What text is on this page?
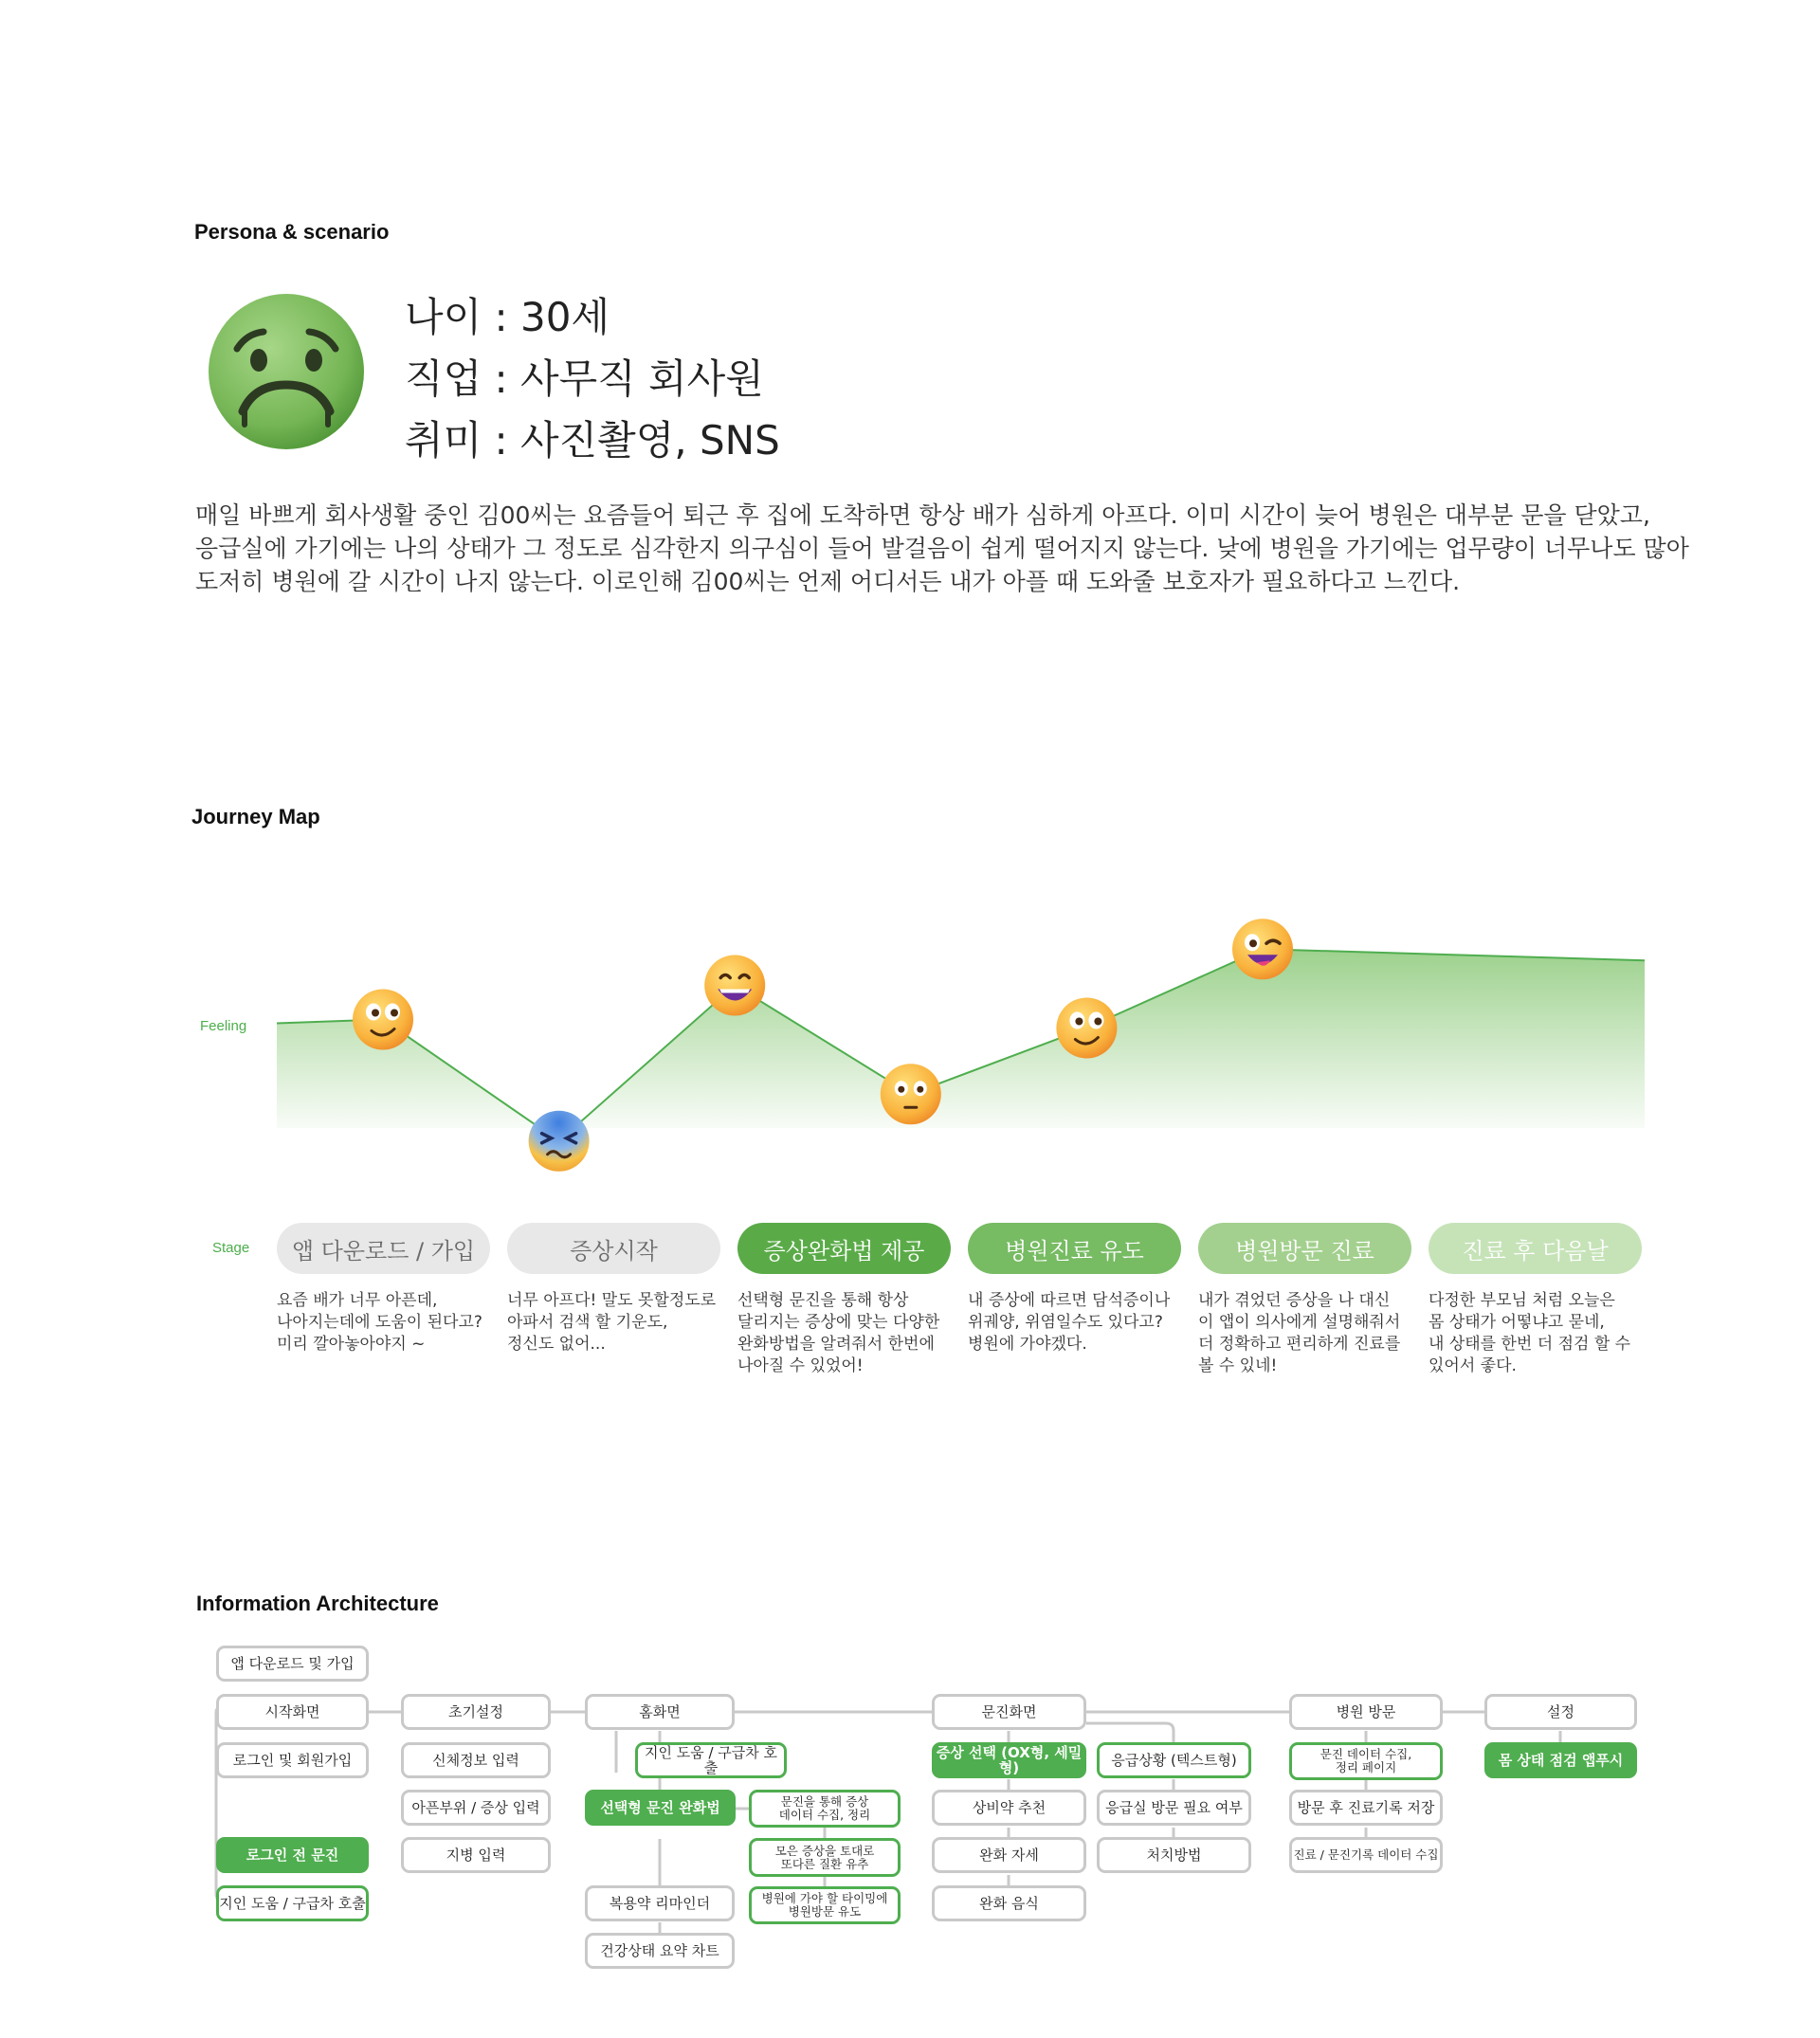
Persona & scenario
나이 : 30세
직업 : 사무직 회사원
취미 : 사진촬영, SNS
매일 바쁘게 회사생활 중인 김00씨는 요즘들어 퇴근 후 집에 도착하면 항상 배가 심하게 아프다. 이미 시간이 늦어 병원은 대부분 문을 닫았고,
응급실에 가기에는 나의 상태가 그 정도로 심각한지 의구심이 들어 발걸음이 쉽게 떨어지지 않는다. 낮에 병원을 가기에는 업무량이 너무나도 많아
도저히 병원에 갈 시간이 나지 않는다. 이로인해 김00씨는 언제 어디서든 내가 아플 때 도와줄 보호자가 필요하다고 느낀다.
Journey Map
Feeling
Stage	앱 다운로드 / 가입
요즘 배가 너무 아픈데,
나아지는데에 도움이 된다고?
미리 깔아놓아야지 ~
증상시작
너무 아프다! 말도 못할정도로
아파서 검색 할 기운도,
정신도 없어...
증상완화법 제공
선택형 문진을 통해 항상
달리지는 증상에 맞는 다양한
완화방법을 알려줘서 한번에
나아질 수 있었어!
병원진료 유도
내 증상에 따르면 담석증이나
위궤양, 위염일수도 있다고?
병원에 가야겠다.
병원방문 진료
내가 겪었던 증상을 나 대신
이 앱이 의사에게 설명해줘서
더 정확하고 편리하게 진료를
볼 수 있네!
진료 후 다음날
다정한 부모님 처럼 오늘은
몸 상태가 어떻냐고 묻네,
내 상태를 한번 더 점검 할 수
있어서 좋다.
Information Architecture
앱 다운로드 및 가입
시작화면
로그인 및 회원가입
로그인 전 문진
지인 도움 / 구급차 호출
초기설정
신체정보 입력
아픈부위 / 증상 입력
지병 입력
홈화면
지인 도움 / 구급차 호출
선택형 문진 완화법	문진을 통해 증상
데이터 수집, 정리
모은 증상을 토대로
또다른 질환 유추
병원에 가야 할 타이밍에
병원방문 유도
복용약 리마인더
건강상태 요약 차트
문진화면
증상 선택 (OX형, 세밀형)
상비약 추천
완화 자세
완화 음식
응급상황 (텍스트형)
응급실 방문 필요 여부
처치방법
병원 방문
문진 데이터 수집,
정리 페이지
방문 후 진료기록 저장
진료 / 문진기록 데이터 수집
설정
몸 상태 점검 앱푸시
